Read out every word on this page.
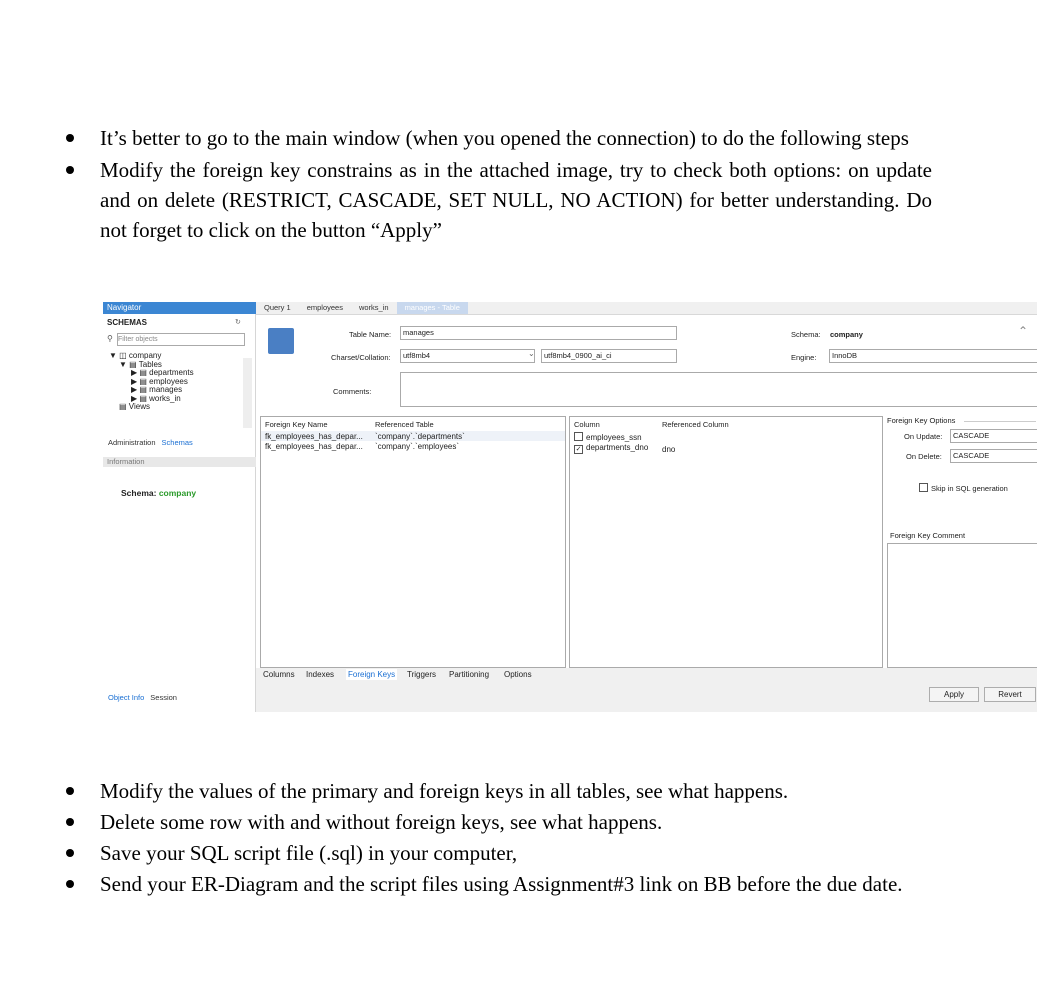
It’s better to go to the main window (when you opened the connection) to do the following steps
Modify the foreign key constrains as in the attached image, try to check both options: on update and on delete (RESTRICT, CASCADE, SET NULL, NO ACTION) for better understanding. Do not forget to click on the button “Apply”
Navigator
SCHEMAS	↻
⚲ Filter objects
▼ ◫ company
▼ ▤ Tables
▶ ▤ departments
▶ ▤ employees
▶ ▤ manages
▶ ▤ works_in
▤ Views
Administration Schemas
Information
Schema: company
Object Info Session
Query 1 employees works_in manages - Table
Table Name:	manages	Schema: company	⌃
Charset/Collation:	utf8mb4	⌄	utf8mb4_0900_ai_ci	Engine:	InnoDB
Comments:
Foreign Key Name	Referenced Table
fk_employees_has_depar... `company`.`departments`
fk_employees_has_depar... `company`.`employees`
Column	Referenced Column
employees_ssn
✓ departments_dno dno
Foreign Key Options
On Update:	CASCADE
On Delete:	CASCADE
Skip in SQL generation
Foreign Key Comment
Columns Indexes Foreign Keys Triggers Partitioning Options
Apply	Revert
Modify the values of the primary and foreign keys in all tables, see what happens.
Delete some row with and without foreign keys, see what happens.
Save your SQL script file (.sql) in your computer,
Send your ER-Diagram and the script files using Assignment#3 link on BB before the due date.
